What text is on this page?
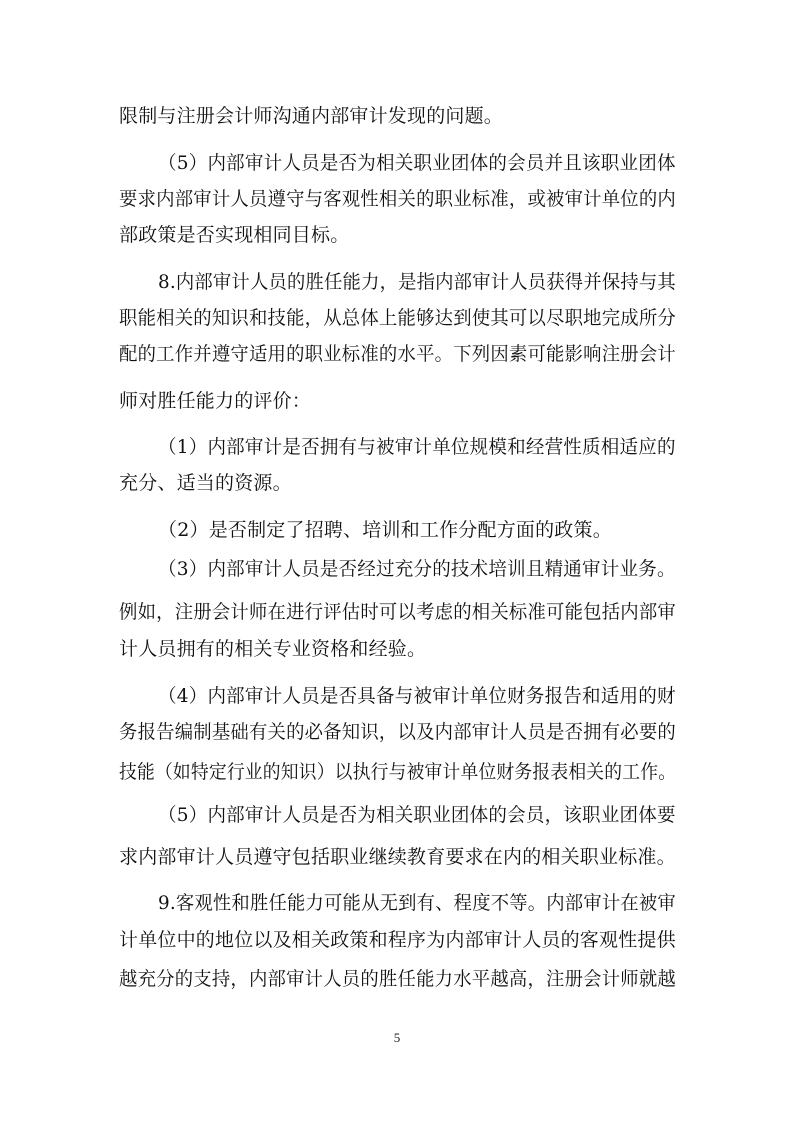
限制与注册会计师沟通内部审计发现的问题。
（5）内部审计人员是否为相关职业团体的会员并且该职业团体
要求内部审计人员遵守与客观性相关的职业标准，或被审计单位的内
部政策是否实现相同目标。
8.内部审计人员的胜任能力，是指内部审计人员获得并保持与其
职能相关的知识和技能，从总体上能够达到使其可以尽职地完成所分
配的工作并遵守适用的职业标准的水平。下列因素可能影响注册会计
师对胜任能力的评价：
（1）内部审计是否拥有与被审计单位规模和经营性质相适应的
充分、适当的资源。
（2）是否制定了招聘、培训和工作分配方面的政策。
（3）内部审计人员是否经过充分的技术培训且精通审计业务。
例如，注册会计师在进行评估时可以考虑的相关标准可能包括内部审
计人员拥有的相关专业资格和经验。
（4）内部审计人员是否具备与被审计单位财务报告和适用的财
务报告编制基础有关的必备知识，以及内部审计人员是否拥有必要的
技能（如特定行业的知识）以执行与被审计单位财务报表相关的工作。
（5）内部审计人员是否为相关职业团体的会员，该职业团体要
求内部审计人员遵守包括职业继续教育要求在内的相关职业标准。
9.客观性和胜任能力可能从无到有、程度不等。内部审计在被审
计单位中的地位以及相关政策和程序为内部审计人员的客观性提供
越充分的支持，内部审计人员的胜任能力水平越高，注册会计师就越
5
